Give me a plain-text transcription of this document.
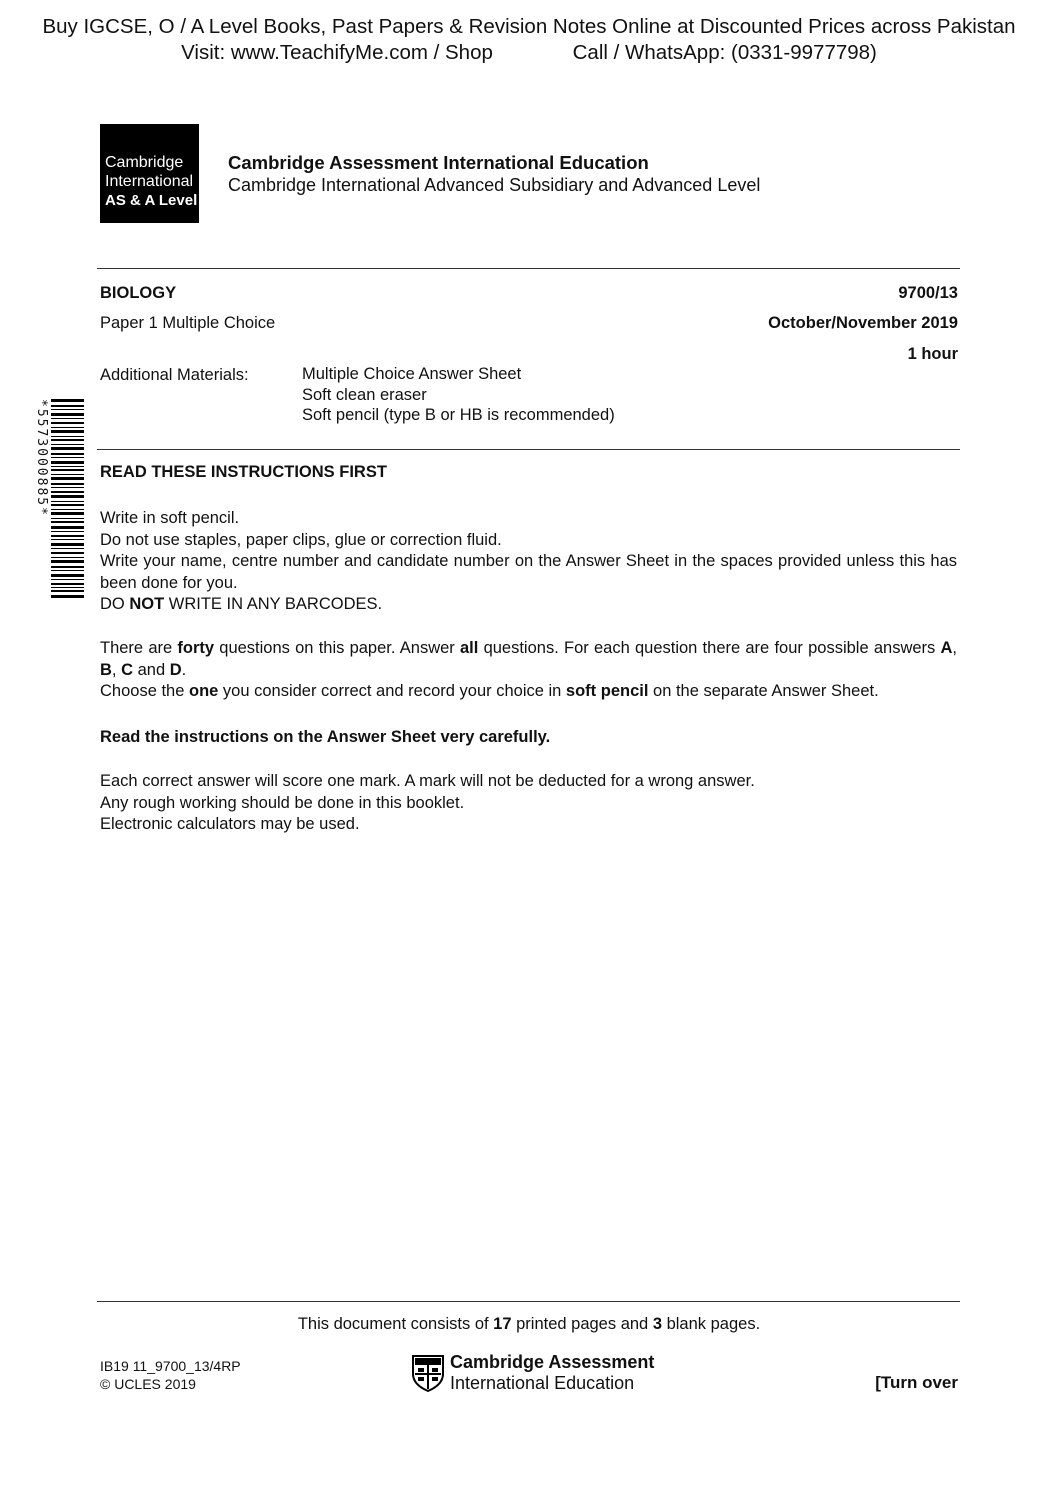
Buy IGCSE, O / A Level Books, Past Papers & Revision Notes Online at Discounted Prices across Pakistan
Visit: www.TeachifyMe.com / Shop              Call / WhatsApp: (0331-9977798)
Cambridge
International
AS & A Level
Cambridge Assessment International Education
Cambridge International Advanced Subsidiary and Advanced Level
BIOLOGY	9700/13
Paper 1 Multiple Choice	October/November 2019
1 hour
Additional Materials:	Multiple Choice Answer Sheet
Soft clean eraser
Soft pencil (type B or HB is recommended)
*5573000885*	READ THESE INSTRUCTIONS FIRST
Write in soft pencil.
Do not use staples, paper clips, glue or correction fluid.
Write your name, centre number and candidate number on the Answer Sheet in the spaces provided unless this has been done for you.
DO NOT WRITE IN ANY BARCODES.
There are forty questions on this paper. Answer all questions. For each question there are four possible answers A, B, C and D.
Choose the one you consider correct and record your choice in soft pencil on the separate Answer Sheet.
Read the instructions on the Answer Sheet very carefully.
Each correct answer will score one mark. A mark will not be deducted for a wrong answer.
Any rough working should be done in this booklet.
Electronic calculators may be used.
This document consists of 17 printed pages and 3 blank pages.
IB19 11_9700_13/4RP
© UCLES 2019
Cambridge Assessment
International Education	[Turn over
